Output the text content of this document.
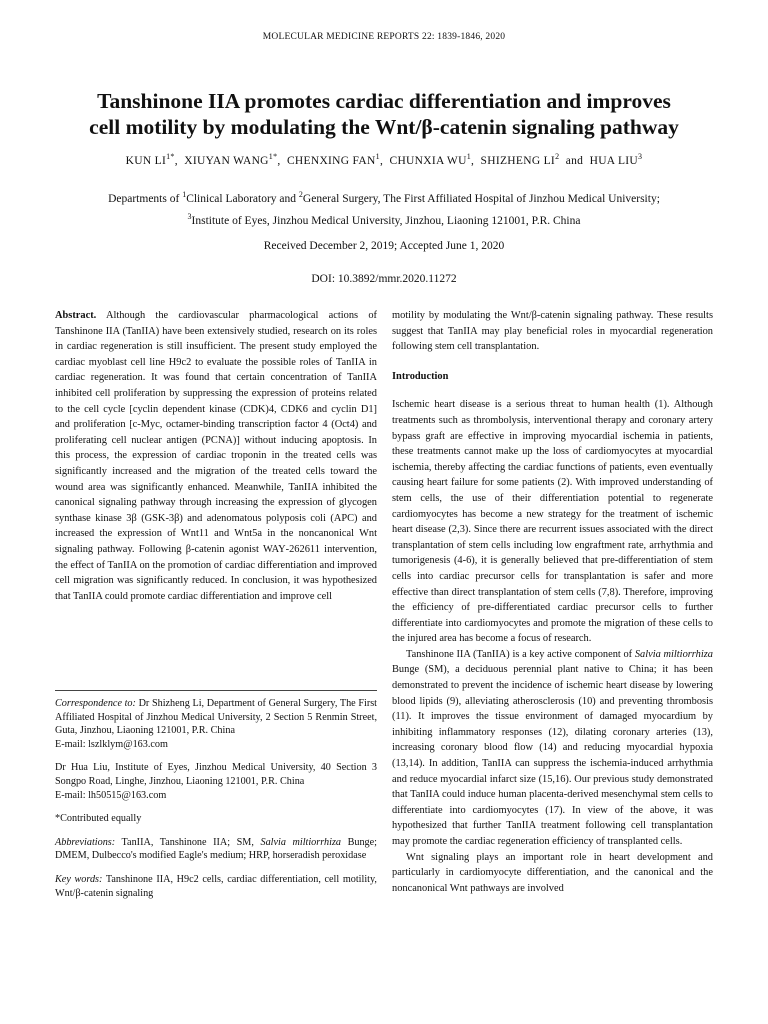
MOLECULAR MEDICINE REPORTS 22: 1839-1846, 2020
Tanshinone IIA promotes cardiac differentiation and improves
cell motility by modulating the Wnt/β‑catenin signaling pathway
KUN $LI^{1*}$,  XIUYAN $WANG^{1*}$,  CHENXING FAN$^1$,  CHUNXIA $WU^1$,  SHIZHENG $LI^2$  and  HUA LIU$^3$
Departments of $^1$Clinical Laboratory and $^2$General Surgery, The First Affiliated Hospital of Jinzhou Medical University;
$^3$Institute of Eyes, Jinzhou Medical University, Jinzhou, Liaoning 121001, P.R. China
Received December 2, 2019; Accepted June 1, 2020
DOI: 10.3892/mmr.2020.11272

Abstract. Although the cardiovascular pharmacological actions of Tanshinone IIA (TanIIA) have been extensively studied, research on its roles in cardiac regeneration is still insufficient. The present study employed the cardiac myoblast cell line H9c2 to evaluate the possible roles of TanIIA in cardiac regeneration. It was found that certain concentration of TanIIA inhibited cell proliferation by suppressing the expression of proteins related to the cell cycle [cyclin dependent kinase (CDK)4, CDK6 and cyclin D1] and proliferation [c‑Myc, octamer‑binding transcription factor 4 (Oct4) and proliferating cell nuclear antigen (PCNA)] without inducing apoptosis. In this process, the expression of cardiac troponin in the treated cells was significantly increased and the migration of the treated cells toward the wound area was significantly enhanced. Meanwhile, TanIIA inhibited the canonical signaling pathway through increasing the expression of glycogen synthase kinase 3β (GSK‑3β) and adenomatous polyposis coli (APC) and increased the expression of Wnt11 and Wnt5a in the noncanonical Wnt signaling pathway. Following β‑catenin agonist WAY‑262611 intervention, the effect of TanIIA on the promotion of cardiac differentiation and improved cell migration was significantly reduced. In conclusion, it was hypothesized that TanIIA could promote cardiac differentiation and improve cell

Correspondence to: Dr Shizheng Li, Department of General Surgery, The First Affiliated Hospital of Jinzhou Medical University, 2 Section 5 Renmin Street, Guta, Jinzhou, Liaoning 121001, P.R. China

E‑mail: lszlklym@163.com

Dr Hua Liu, Institute of Eyes, Jinzhou Medical University, 40 Section 3 Songpo Road, Linghe, Jinzhou, Liaoning 121001, P.R. China

E‑mail: lh50515@163.com

*Contributed equally

Abbreviations: TanIIA, Tanshinone IIA; SM, Salvia miltiorrhiza Bunge; DMEM, Dulbecco's modified Eagle's medium; HRP, horseradish peroxidase

Key words: Tanshinone IIA, H9c2 cells, cardiac differentiation, cell motility, Wnt/β‑catenin signaling

motility by modulating the Wnt/β‑catenin signaling pathway. These results suggest that TanIIA may play beneficial roles in myocardial regeneration following stem cell transplantation.

Introduction

Ischemic heart disease is a serious threat to human health (1). Although treatments such as thrombolysis, interventional therapy and coronary artery bypass graft are effective in improving myocardial ischemia in patients, these treatments cannot make up the loss of cardiomyocytes at myocardial ischemia, thereby affecting the cardiac functions of patients, even eventually causing heart failure for some patients (2). With improved understanding of stem cells, the use of their differentiation potential to regenerate cardiomyocytes has become a new strategy for the treatment of ischemic heart disease (2,3). Since there are recurrent issues associated with the direct transplantation of stem cells including low engraftment rate, arrhythmia and tumorigenesis (4‑6), it is generally believed that pre‑differentiation of stem cells into cardiac precursor cells for transplantation is safer and more effective than direct transplantation of stem cells (7,8). Therefore, improving the efficiency of pre‑differentiated cardiac precursor cells to further differentiate into cardiomyocytes and promote the migration of these cells to the injured area has become a focus of research.

Tanshinone IIA (TanIIA) is a key active component of Salvia miltiorrhiza Bunge (SM), a deciduous perennial plant native to China; it has been demonstrated to prevent the incidence of ischemic heart disease by lowering blood lipids (9), alleviating atherosclerosis (10) and preventing thrombosis (11). It improves the tissue environment of damaged myocardium by inhibiting inflammatory responses (12), dilating coronary arteries (13), increasing coronary blood flow (14) and reducing myocardial hypoxia (13,14). In addition, TanIIA can suppress the ischemia‑induced arrhythmia and reduce myocardial infarct size (15,16). Our previous study demonstrated that TanIIA could induce human placenta‑derived mesenchymal stem cells to differentiate into cardiomyocytes (17). In view of the above, it was hypothesized that further TanIIA treatment following cell transplantation may promote the cardiac regeneration efficiency of transplanted cells.

Wnt signaling plays an important role in heart development and particularly in cardiomyocyte differentiation, and the canonical and the noncanonical Wnt pathways are involved
